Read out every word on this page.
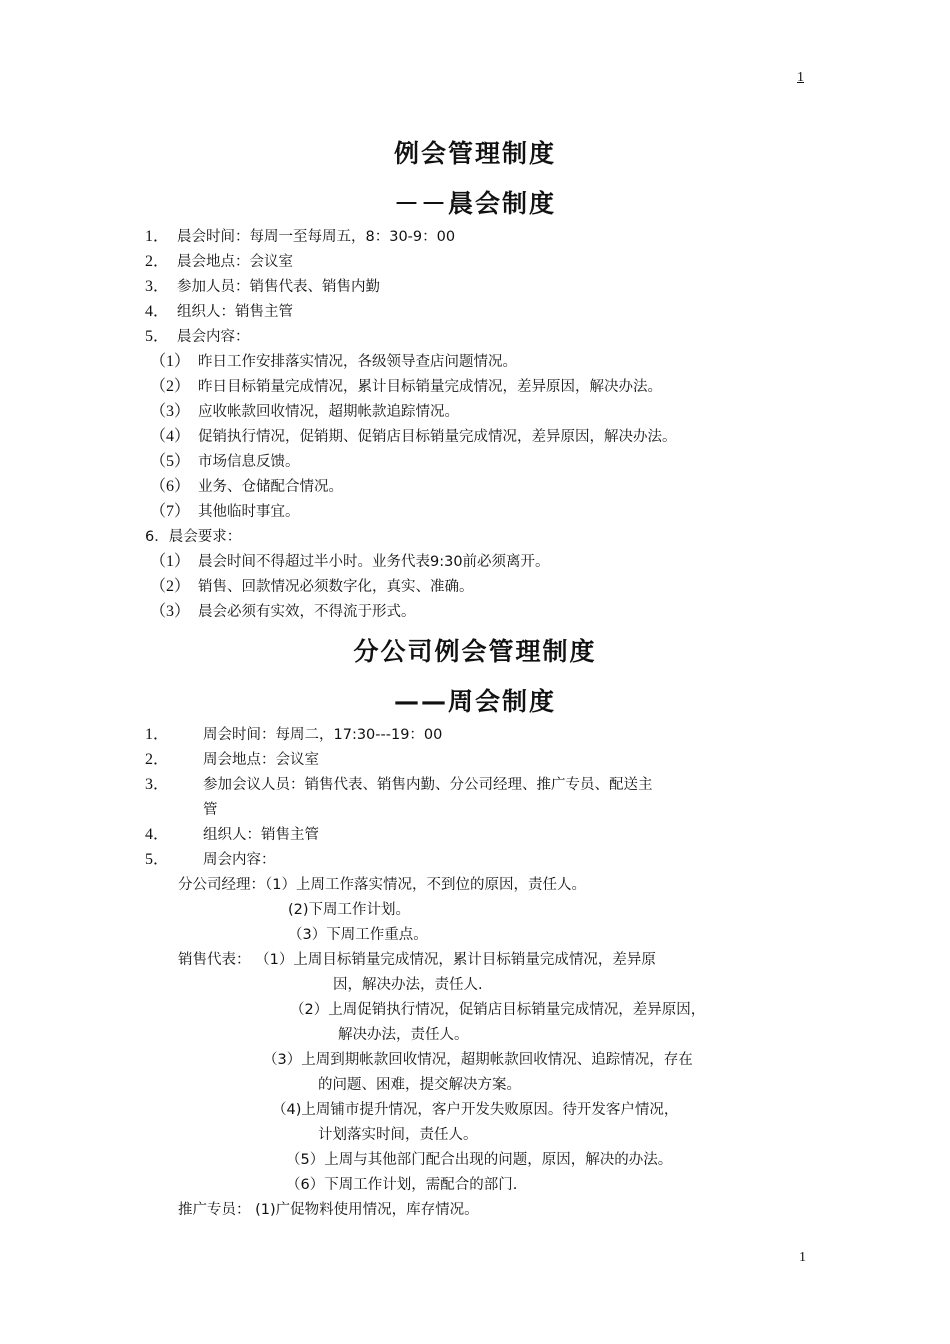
1
例会管理制度
－－晨会制度
1． 晨会时间：每周一至每周五，8：30-9：00
2． 晨会地点：会议室
3． 参加人员：销售代表、销售内勤
4． 组织人：销售主管
5． 晨会内容：
（1） 昨日工作安排落实情况，各级领导查店问题情况。
（2） 昨日目标销量完成情况，累计目标销量完成情况，差异原因，解决办法。
（3） 应收帐款回收情况，超期帐款追踪情况。
（4） 促销执行情况，促销期、促销店目标销量完成情况，差异原因，解决办法。
（5） 市场信息反馈。
（6） 业务、仓储配合情况。
（7） 其他临时事宜。
6．晨会要求：
（1） 晨会时间不得超过半小时。业务代表9:30前必须离开。
（2） 销售、回款情况必须数字化，真实、准确。
（3） 晨会必须有实效，不得流于形式。
分公司例会管理制度
——周会制度
1． 周会时间：每周二，17:30---19：00
2． 周会地点：会议室
3． 参加会议人员：销售代表、销售内勤、分公司经理、推广专员、配送主
管
4． 组织人：销售主管
5． 周会内容：
分公司经理：（1）上周工作落实情况，不到位的原因，责任人。
(2)下周工作计划。
（3）下周工作重点。
销售代表： （1）上周目标销量完成情况，累计目标销量完成情况，差异原
因，解决办法，责任人.
（2）上周促销执行情况，促销店目标销量完成情况，差异原因，
解决办法，责任人。
（3）上周到期帐款回收情况，超期帐款回收情况、追踪情况，存在
的问题、困难，提交解决方案。
（4)上周铺市提升情况，客户开发失败原因。待开发客户情况，
计划落实时间，责任人。
（5）上周与其他部门配合出现的问题，原因，解决的办法。
（6）下周工作计划，需配合的部门.
推广专员： (1)广促物料使用情况，库存情况。
1
